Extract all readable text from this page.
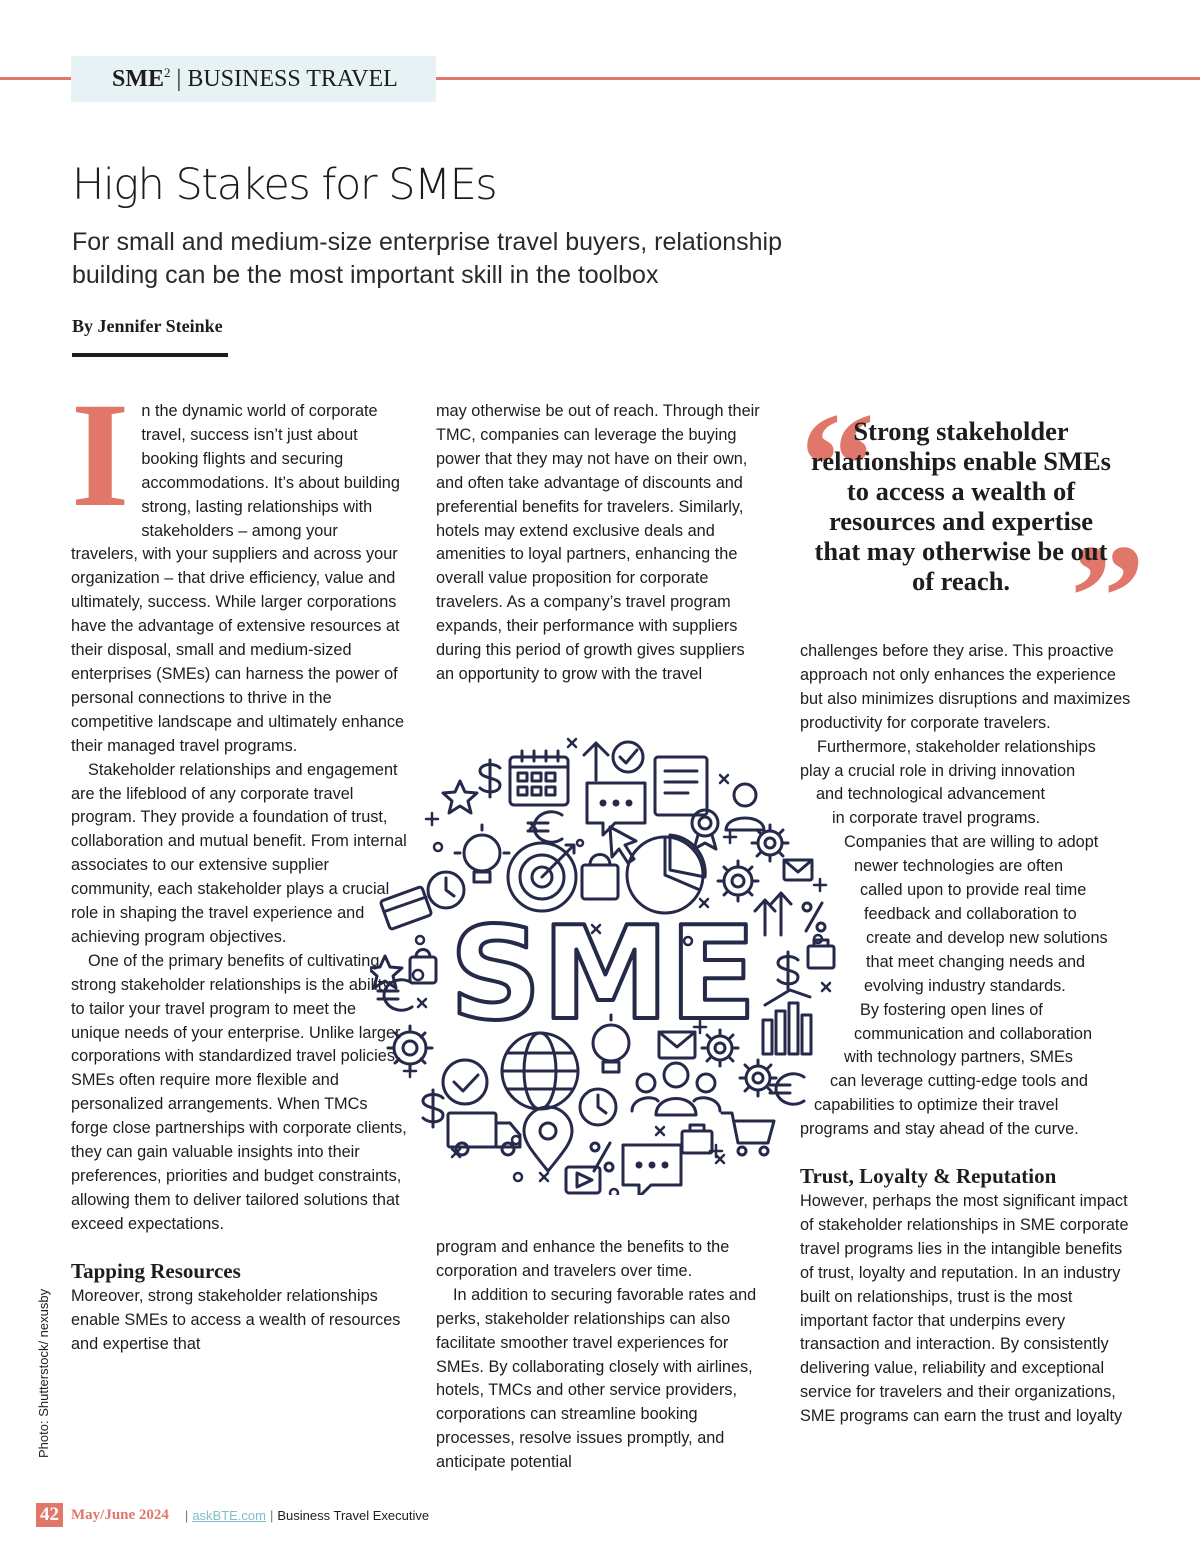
SME$^2$ | BUSINESS TRAVEL
High Stakes for SMEs
For small and medium-size enterprise travel buyers, relationship building can be the most important skill in the toolbox
By Jennifer Steinke
I n the dynamic world of corporate travel, success isn’t just about booking flights and securing accommodations. It’s about building strong, lasting relationships with stakeholders – among your travelers, with your suppliers and across your organization – that drive efficiency, value and ultimately, success. While larger corporations have the advantage of extensive resources at their disposal, small and medium-sized enterprises (SMEs) can harness the power of personal connections to thrive in the competitive landscape and ultimately enhance their managed travel programs.

Stakeholder relationships and engagement are the lifeblood of any corporate travel program. They provide a foundation of trust, collaboration and mutual benefit. From internal associates to our extensive supplier community, each stakeholder plays a crucial role in shaping the travel experience and achieving program objectives.

One of the primary benefits of cultivating strong stakeholder relationships is the ability to tailor your travel program to meet the unique needs of your enterprise. Unlike larger corporations with standardized travel policies, SMEs often require more flexible and personalized arrangements. When TMCs forge close partnerships with corporate clients, they can gain valuable insights into their preferences, priorities and budget constraints, allowing them to deliver tailored solutions that exceed expectations.

Tapping Resources

Moreover, strong stakeholder relationships enable SMEs to access a wealth of resources and expertise that

may otherwise be out of reach. Through their TMC, companies can leverage the buying power that they may not have on their own, and often take advantage of discounts and preferential benefits for travelers. Similarly, hotels may extend exclusive deals and amenities to loyal partners, enhancing the overall value proposition for corporate travelers. As a company’s travel program expands, their performance with suppliers during this period of growth gives suppliers an opportunity to grow with the travel

SME

program and enhance the benefits to the corporation and travelers over time.

In addition to securing favorable rates and perks, stakeholder relationships can also facilitate smoother travel experiences for SMEs. By collaborating closely with airlines, hotels, TMCs and other service providers, corporations can streamline booking processes, resolve issues promptly, and anticipate potential

“
”
Strong stakeholder relationships enable SMEs to access a wealth of resources and expertise that may otherwise be out of reach.

challenges before they arise. This proactive approach not only enhances the experience but also minimizes disruptions and maximizes productivity for corporate travelers.

Furthermore, stakeholder relationships
play a crucial role in driving innovation
and technological advancement
in corporate travel programs.
Companies that are willing to adopt
newer technologies are often
called upon to provide real time
feedback and collaboration to
create and develop new solutions
that meet changing needs and
evolving industry standards.
By fostering open lines of
communication and collaboration
with technology partners, SMEs
can leverage cutting-edge tools and
capabilities to optimize their travel
programs and stay ahead of the curve.
Trust, Loyalty & Reputation

However, perhaps the most significant impact of stakeholder relationships in SME corporate travel programs lies in the intangible benefits of trust, loyalty and reputation. In an industry built on relationships, trust is the most important factor that underpins every transaction and interaction. By consistently delivering value, reliability and exceptional service for travelers and their organizations, SME programs can earn the trust and loyalty

Photo: Shutterstock/ nexusby
42 May/June 2024 | askBTE.com | Business Travel Executive
